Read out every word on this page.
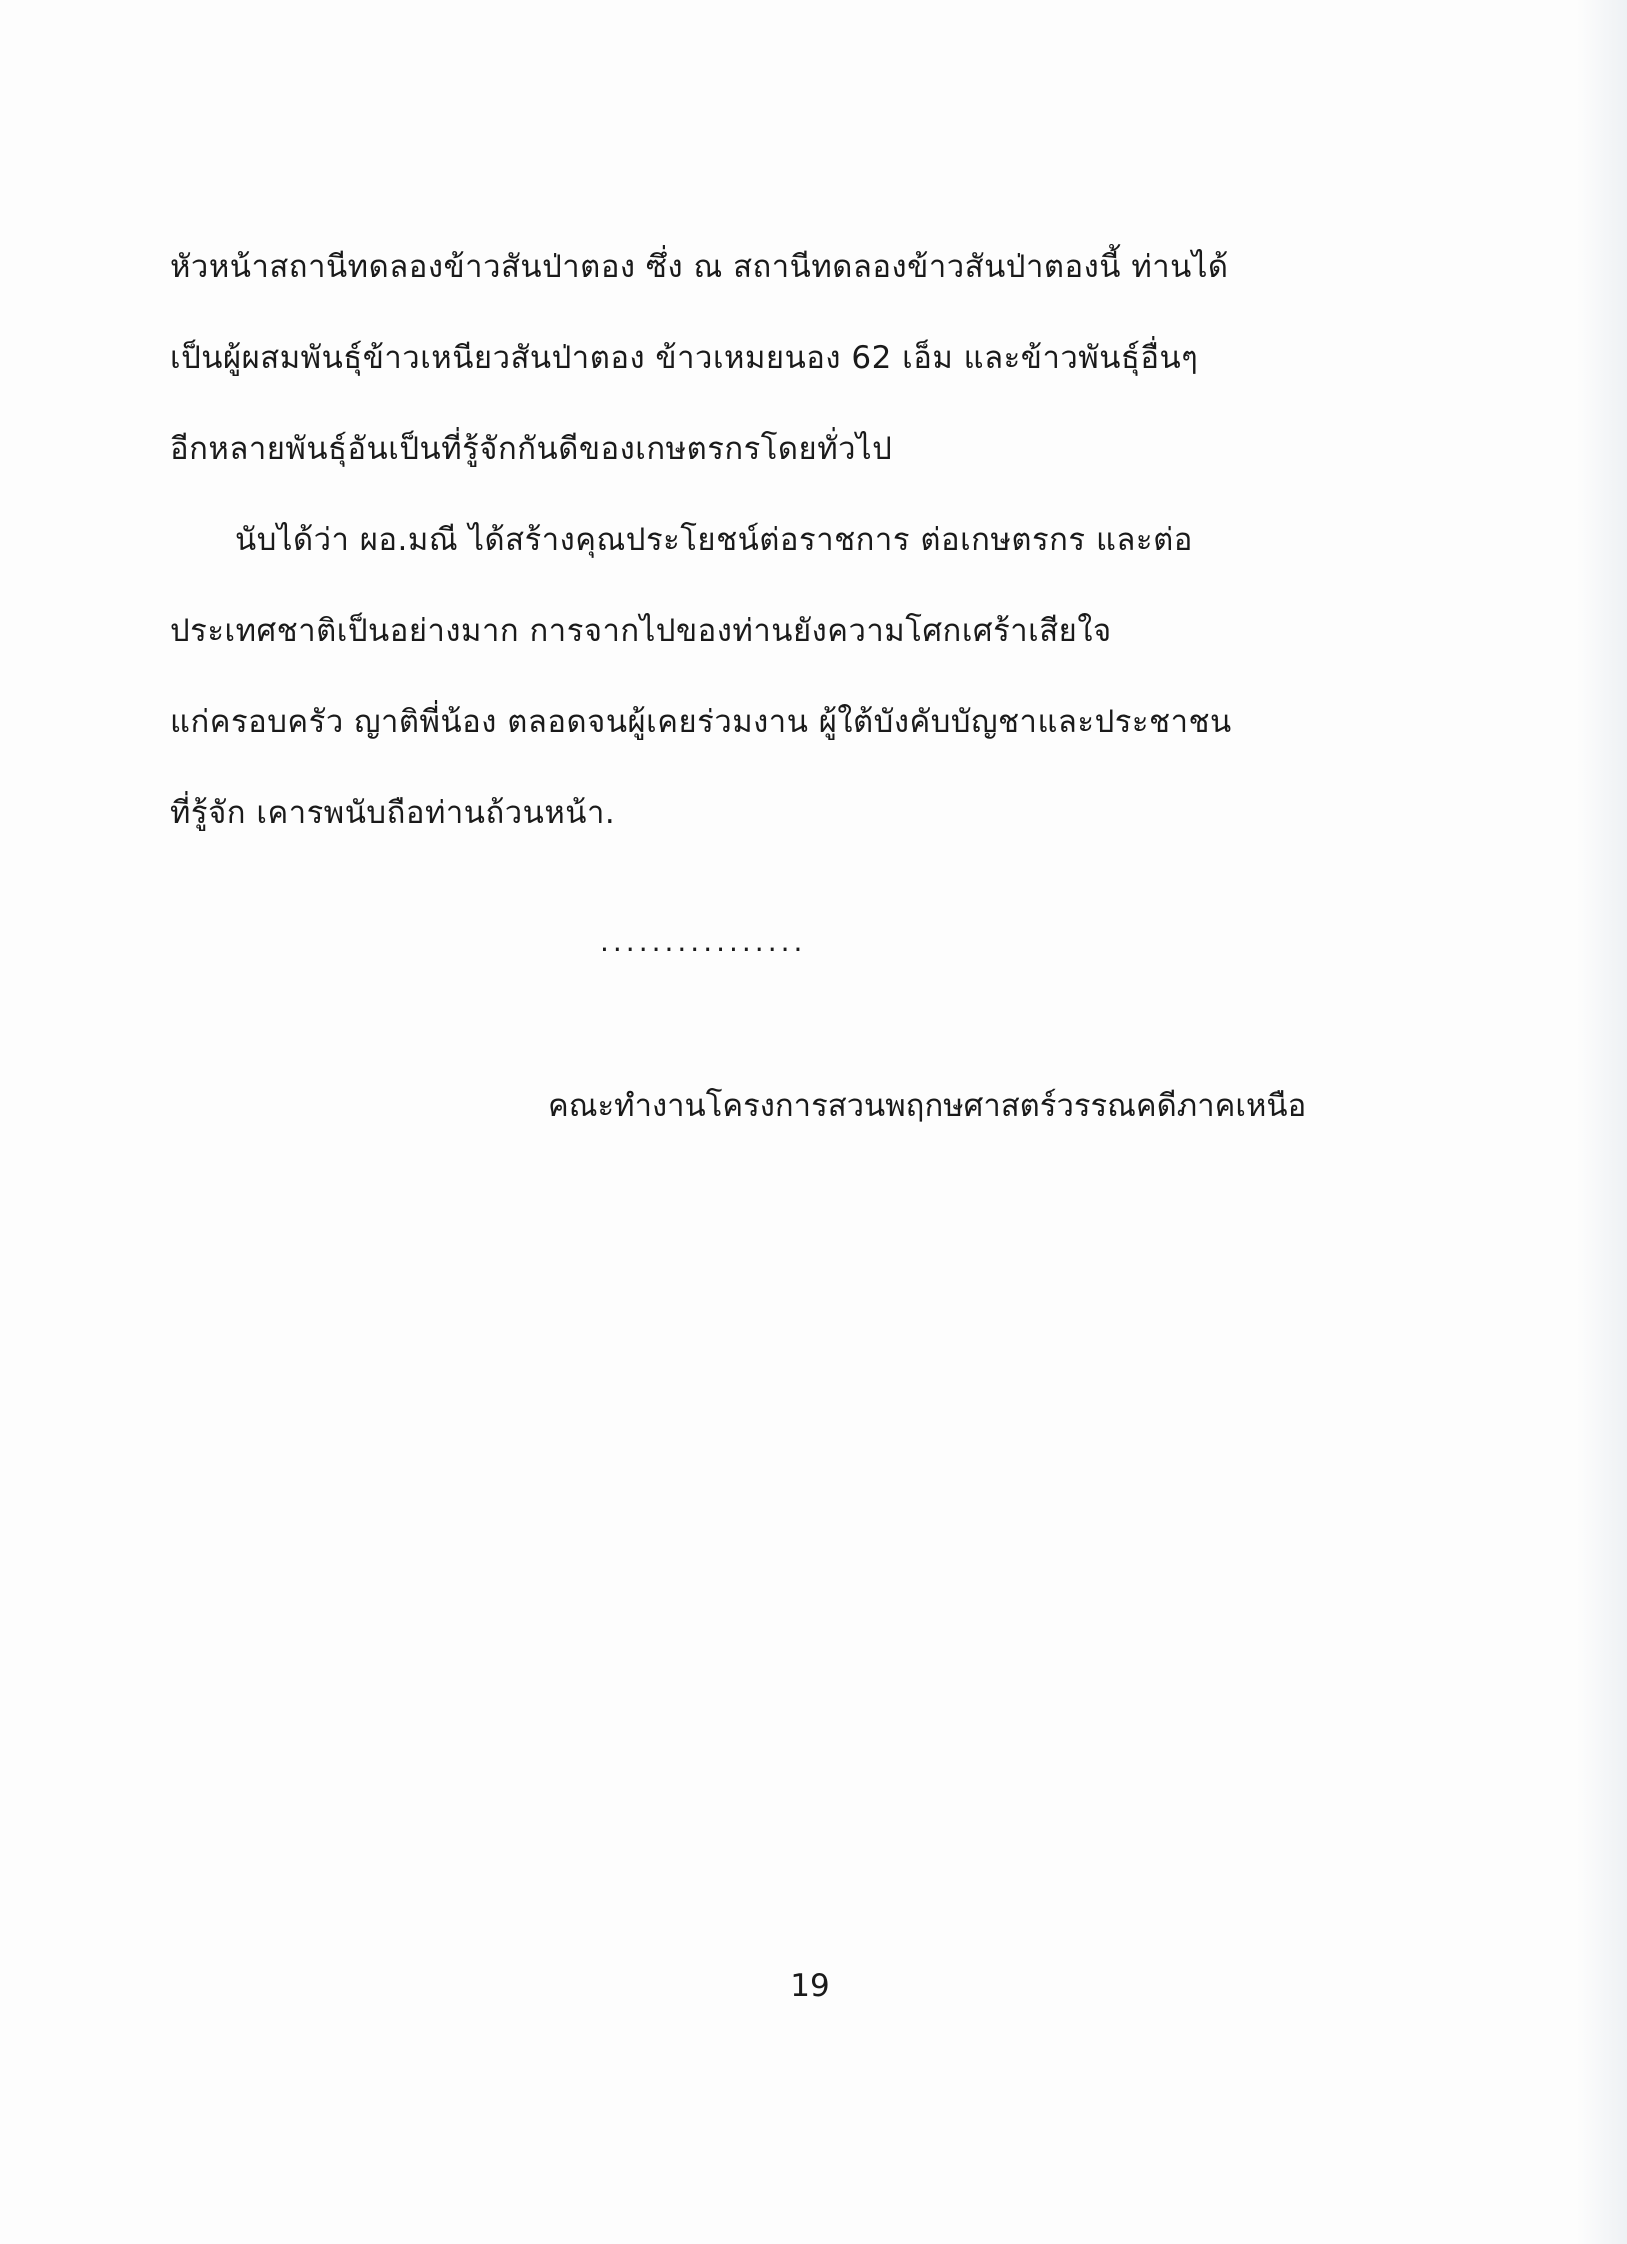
หัวหน้าสถานีทดลองข้าวสันป่าตอง ซึ่ง ณ สถานีทดลองข้าวสันป่าตองนี้ ท่านได้
เป็นผู้ผสมพันธุ์ข้าวเหนียวสันป่าตอง ข้าวเหมยนอง 62 เอ็ม และข้าวพันธุ์อื่นๆ
อีกหลายพันธุ์อันเป็นที่รู้จักกันดีของเกษตรกรโดยทั่วไป
นับได้ว่า ผอ.มณี ได้สร้างคุณประโยชน์ต่อราชการ ต่อเกษตรกร และต่อ
ประเทศชาติเป็นอย่างมาก การจากไปของท่านยังความโศกเศร้าเสียใจ
แก่ครอบครัว ญาติพี่น้อง ตลอดจนผู้เคยร่วมงาน ผู้ใต้บังคับบัญชาและประชาชน
ที่รู้จัก เคารพนับถือท่านถ้วนหน้า.
................
คณะทำงานโครงการสวนพฤกษศาสตร์วรรณคดีภาคเหนือ
19
